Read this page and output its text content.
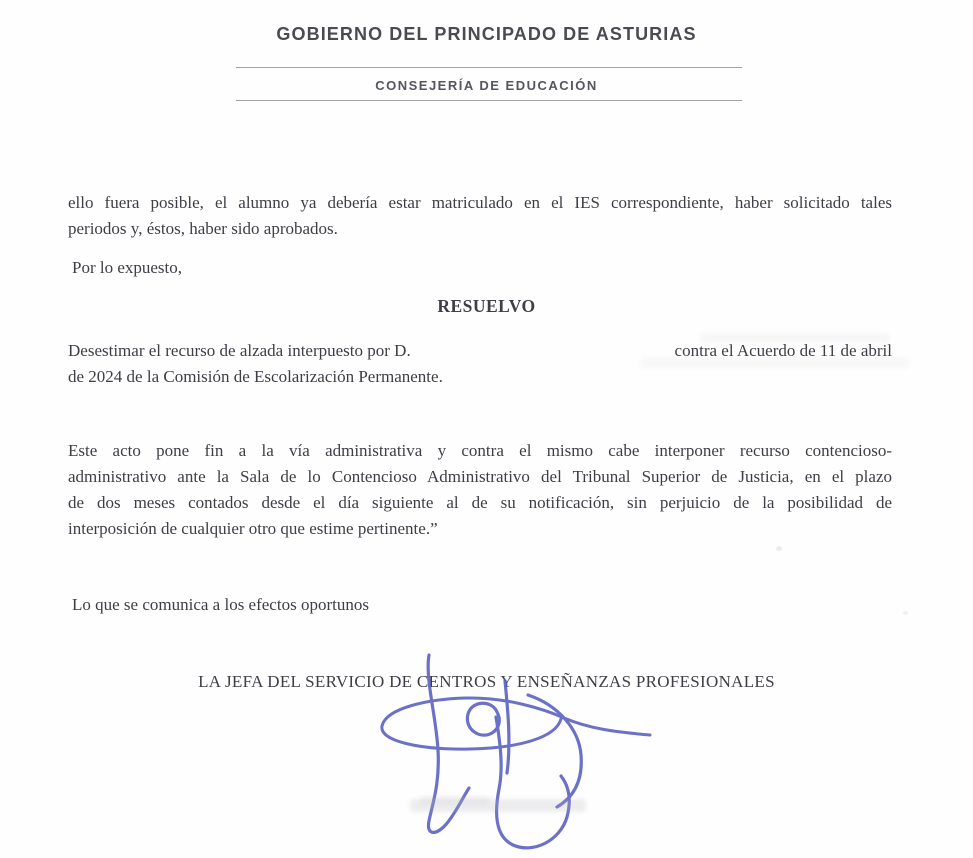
GOBIERNO DEL PRINCIPADO DE ASTURIAS
CONSEJERÍA DE EDUCACIÓN
ello fuera posible, el alumno ya debería estar matriculado en el IES correspondiente, haber solicitado tales
periodos y, éstos, haber sido aprobados.
Por lo expuesto,
RESUELVO
Desestimar el recurso de alzada interpuesto por D.	contra el Acuerdo de 11 de abril
de 2024 de la Comisión de Escolarización Permanente.
Este acto pone fin a la vía administrativa y contra el mismo cabe interponer recurso contencioso-
administrativo ante la Sala de lo Contencioso Administrativo del Tribunal Superior de Justicia, en el plazo
de dos meses contados desde el día siguiente al de su notificación, sin perjuicio de la posibilidad de
interposición de cualquier otro que estime pertinente.”
Lo que se comunica a los efectos oportunos
LA JEFA DEL SERVICIO DE CENTROS Y ENSEÑANZAS PROFESIONALES
